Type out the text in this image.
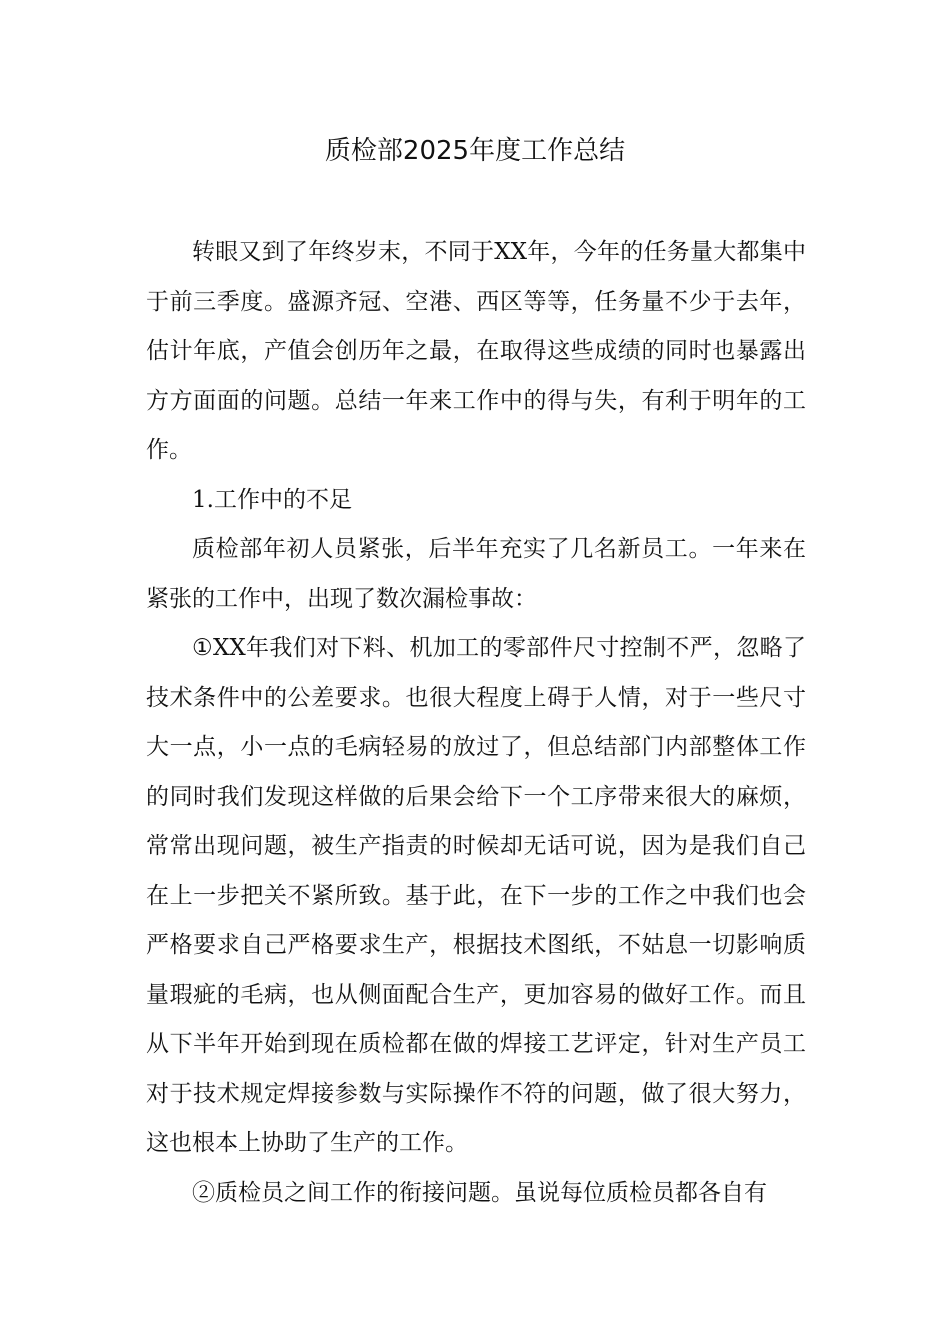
质检部2025年度工作总结

转眼又到了年终岁末，不同于XX年，今年的任务量大都集中于前三季度。盛源齐冠、空港、西区等等，任务量不少于去年，估计年底，产值会创历年之最，在取得这些成绩的同时也暴露出方方面面的问题。总结一年来工作中的得与失，有利于明年的工作。

1.工作中的不足

质检部年初人员紧张，后半年充实了几名新员工。一年来在紧张的工作中，出现了数次漏检事故：

①XX年我们对下料、机加工的零部件尺寸控制不严，忽略了技术条件中的公差要求。也很大程度上碍于人情，对于一些尺寸大一点，小一点的毛病轻易的放过了，但总结部门内部整体工作的同时我们发现这样做的后果会给下一个工序带来很大的麻烦，常常出现问题，被生产指责的时候却无话可说，因为是我们自己在上一步把关不紧所致。基于此，在下一步的工作之中我们也会严格要求自己严格要求生产，根据技术图纸，不姑息一切影响质量瑕疵的毛病，也从侧面配合生产，更加容易的做好工作。而且从下半年开始到现在质检都在做的焊接工艺评定，针对生产员工对于技术规定焊接参数与实际操作不符的问题，做了很大努力，这也根本上协助了生产的工作。

②质检员之间工作的衔接问题。虽说每位质检员都各自有
